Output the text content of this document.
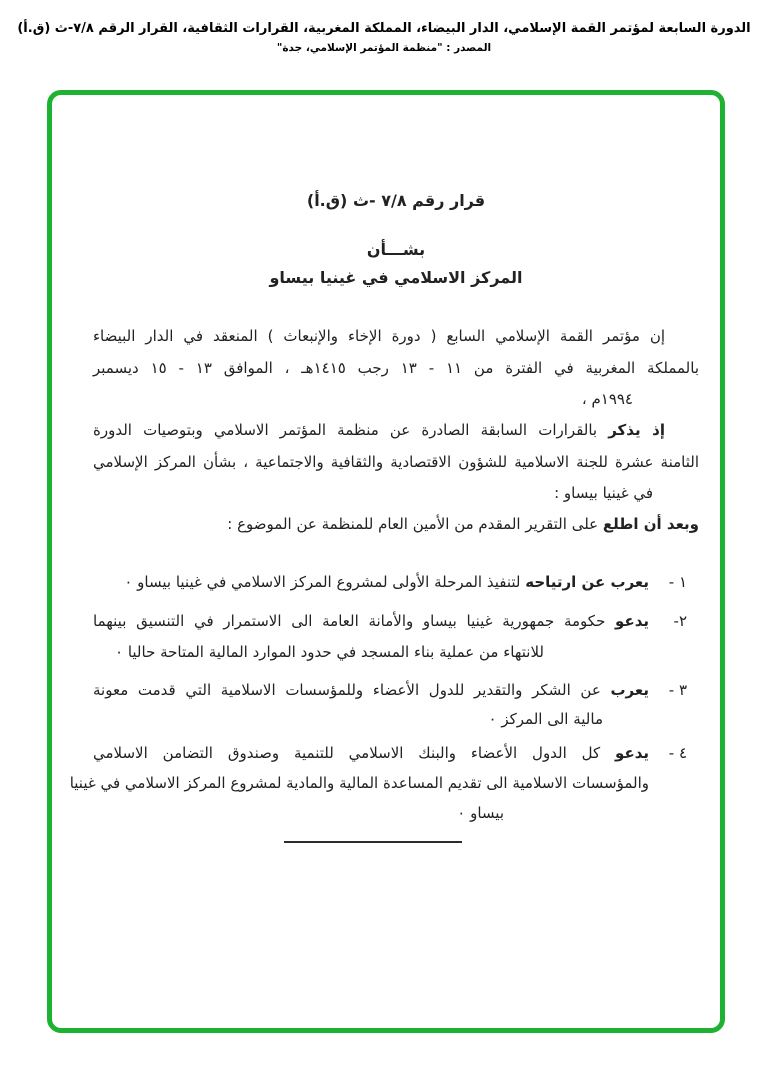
الدورة السابعة لمؤتمر القمة الإسلامي، الدار البيضاء، المملكة المغربية، القرارات الثقافية، القرار الرقم ٧/٨-ث (ق.أ)
المصدر : "منظمة المؤتمر الإسلامي، جدة"
قرار رقم ٧/٨ -ث (ق.أ)
بشـــأن
المركز الاسلامي في غينيا بيساو
إن مؤتمر القمة الإسلامي السابع ( دورة الإخاء والإنبعاث ) المنعقد في الدار البيضاء
بالمملكة المغربية في الفترة من ١١ - ١٣ رجب ١٤١٥هـ ، الموافق ١٣ - ١٥ ديسمبر
١٩٩٤م ،
إذ يذكر بالقرارات السابقة الصادرة عن منظمة المؤتمر الاسلامي وبتوصيات الدورة
الثامنة عشرة للجنة الاسلامية للشؤون الاقتصادية والثقافية والاجتماعية ، بشأن المركز الإسلامي
في غينيا بيساو :
وبعد أن اطلع على التقرير المقدم من الأمين العام للمنظمة عن الموضوع :
١ -
يعرب عن ارتياحه لتنفيذ المرحلة الأولى لمشروع المركز الاسلامي في غينيا بيساو ٠
٢-
يدعو حكومة جمهورية غينيا بيساو والأمانة العامة الى الاستمرار في التنسيق بينهما
للانتهاء من عملية بناء المسجد في حدود الموارد المالية المتاحة حاليا ٠
٣ -
يعرب عن الشكر والتقدير للدول الأعضاء وللمؤسسات الاسلامية التي قدمت معونة
مالية الى المركز ٠
٤ -
يدعو كل الدول الأعضاء والبنك الاسلامي للتنمية وصندوق التضامن الاسلامي
والمؤسسات الاسلامية الى تقديم المساعدة المالية والمادية لمشروع المركز الاسلامي في غينيا
بيساو ٠
